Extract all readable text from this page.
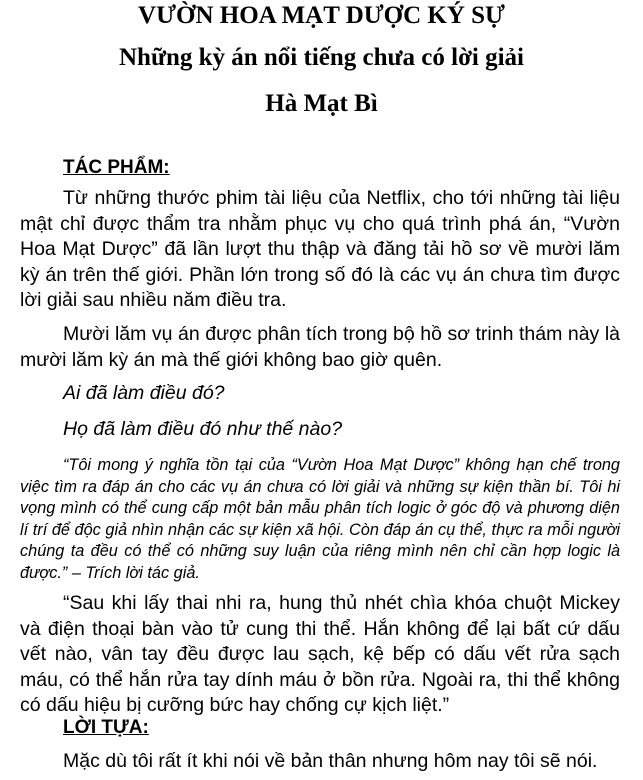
VƯỜN HOA MẠT DƯỢC KÝ SỰ
Những kỳ án nổi tiếng chưa có lời giải
Hà Mạt Bì
TÁC PHẨM:

Từ những thước phim tài liệu của Netflix, cho tới những tài liệu mật chỉ được thẩm tra nhằm phục vụ cho quá trình phá án, “Vườn Hoa Mạt Dược” đã lần lượt thu thập và đăng tải hồ sơ về mười lăm kỳ án trên thế giới. Phần lớn trong số đó là các vụ án chưa tìm được lời giải sau nhiều năm điều tra.

Mười lăm vụ án được phân tích trong bộ hồ sơ trinh thám này là mười lăm kỳ án mà thế giới không bao giờ quên.

Ai đã làm điều đó?
Họ đã làm điều đó như thế nào?

“Tôi mong ý nghĩa tồn tại của “Vườn Hoa Mạt Dược” không hạn chế trong việc tìm ra đáp án cho các vụ án chưa có lời giải và những sự kiện thần bí. Tôi hi vọng mình có thể cung cấp một bản mẫu phân tích logic ở góc độ và phương diện lí trí để độc giả nhìn nhận các sự kiện xã hội. Còn đáp án cụ thể, thực ra mỗi người chúng ta đều có thể có những suy luận của riêng mình nên chỉ cần hợp logic là được.” – Trích lời tác giả.

“Sau khi lấy thai nhi ra, hung thủ nhét chìa khóa chuột Mickey và điện thoại bàn vào tử cung thi thể. Hắn không để lại bất cứ dấu vết nào, vân tay đều được lau sạch, kệ bếp có dấu vết rửa sạch máu, có thể hắn rửa tay dính máu ở bồn rửa. Ngoài ra, thi thể không có dấu hiệu bị cưỡng bức hay chống cự kịch liệt.”

LỜI TỰA:

Mặc dù tôi rất ít khi nói về bản thân nhưng hôm nay tôi sẽ nói.
